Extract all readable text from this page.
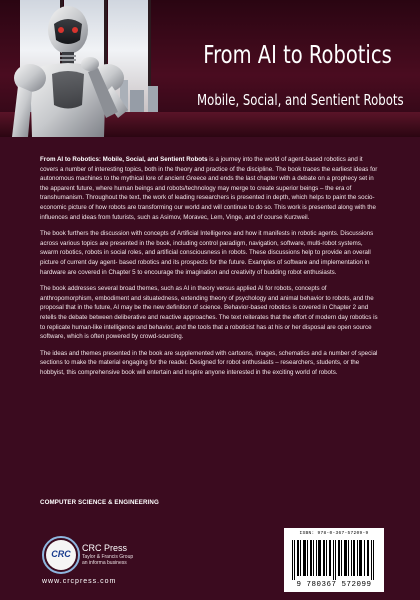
From AI to Robotics
Mobile, Social, and Sentient Robots

From AI to Robotics: Mobile, Social, and Sentient Robots is a journey into the world of agent-based robotics and it covers a number of interesting topics, both in the theory and practice of the discipline. The book traces the earliest ideas for autonomous machines to the mythical lore of ancient Greece and ends the last chapter with a debate on a prophecy set in the apparent future, where human beings and robots/technology may merge to create superior beings – the era of transhumanism. Throughout the text, the work of leading researchers is presented in depth, which helps to paint the socio-economic picture of how robots are transforming our world and will continue to do so. This work is presented along with the influences and ideas from futurists, such as Asimov, Moravec, Lem, Vinge, and of course Kurzweil.

The book furthers the discussion with concepts of Artificial Intelligence and how it manifests in robotic agents. Discussions across various topics are presented in the book, including control paradigm, navigation, software, multi-robot systems, swarm robotics, robots in social roles, and artificial consciousness in robots. These discussions help to provide an overall picture of current day agent- based robotics and its prospects for the future. Examples of software and implementation in hardware are covered in Chapter 5 to encourage the imagination and creativity of budding robot enthusiasts.

The book addresses several broad themes, such as AI in theory versus applied AI for robots, concepts of anthropomorphism, embodiment and situatedness, extending theory of psychology and animal behavior to robots, and the proposal that in the future, AI may be the new definition of science. Behavior-based robotics is covered in Chapter 2 and retells the debate between deliberative and reactive approaches. The text reiterates that the effort of modern day robotics is to replicate human-like intelligence and behavior, and the tools that a roboticist has at his or her disposal are open source software, which is often powered by crowd-sourcing.

The ideas and themes presented in the book are supplemented with cartoons, images, schematics and a number of special sections to make the material engaging for the reader. Designed for robot enthusiasts – researchers, students, or the hobbyist, this comprehensive book will entertain and inspire anyone interested in the exciting world of robots.

COMPUTER SCIENCE & ENGINEERING
CRC
CRC Press
Taylor & Francis Group
an informa business
www.crcpress.com
ISBN: 978-0-367-57209-9
9 780367 572099
